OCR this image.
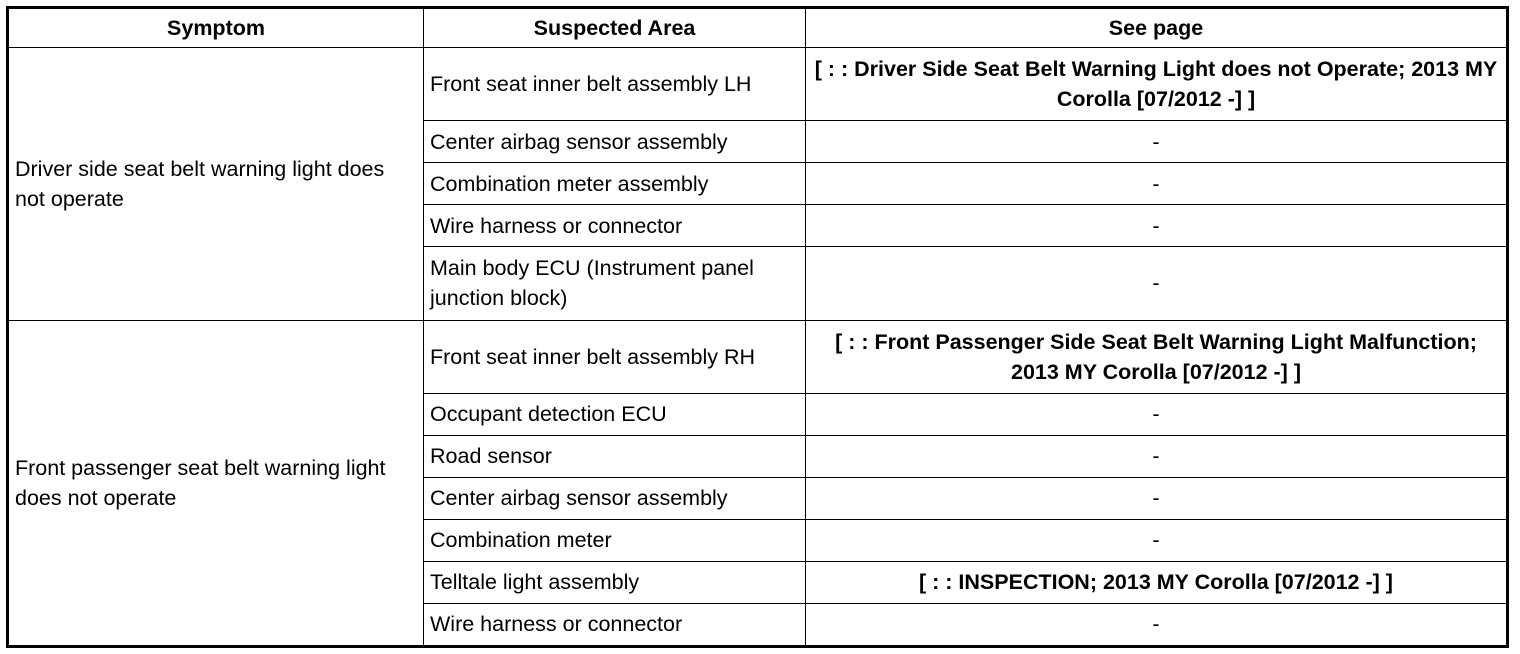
Symptom	Suspected Area	See page
Driver side seat belt warning light does not operate	Front seat inner belt assembly LH	[ : : Driver Side Seat Belt Warning Light does not Operate; 2013 MY Corolla [07/2012 -] ]
	Center airbag sensor assembly	-
	Combination meter assembly	-
	Wire harness or connector	-
	Main body ECU (Instrument panel junction block)	-
Front passenger seat belt warning light does not operate	Front seat inner belt assembly RH	[ : : Front Passenger Side Seat Belt Warning Light Malfunction; 2013 MY Corolla [07/2012 -] ]
	Occupant detection ECU	-
	Road sensor	-
	Center airbag sensor assembly	-
	Combination meter	-
	Telltale light assembly	[ : : INSPECTION; 2013 MY Corolla [07/2012 -] ]
	Wire harness or connector	-
